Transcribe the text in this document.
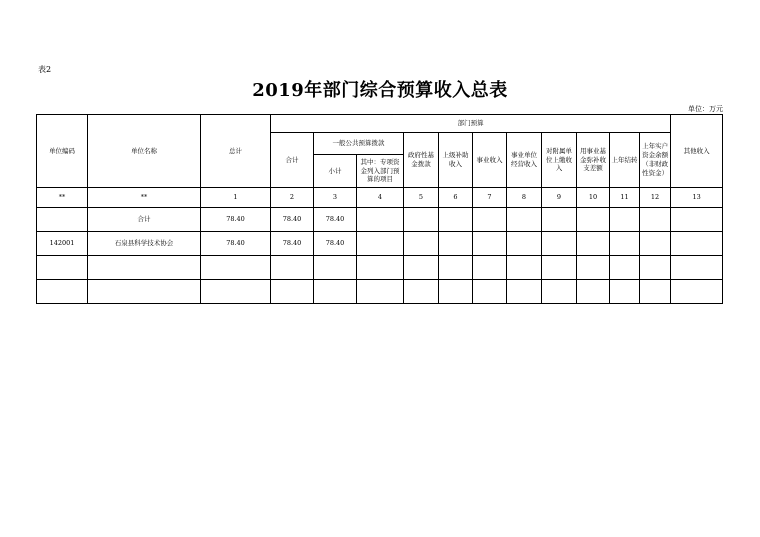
表2
2019年部门综合预算收入总表
单位：万元
单位编码	单位名称	总计	部门预算											其他收入
			合计	一般公共预算拨款		政府性基金拨款	上级补助收入	事业收入	事业单位经营收入	对附属单位上缴收入	用事业基金弥补收支差额	上年结转	上年实户资金余额（非财政性资金）	
				小计	其中：专项资金列入部门预算的项目									
**	**	1	2	3	4	5	6	7	8	9	10	11	12	13
	合计	78.40	78.40	78.40										
142001	石泉县科学技术协会	78.40	78.40	78.40										
